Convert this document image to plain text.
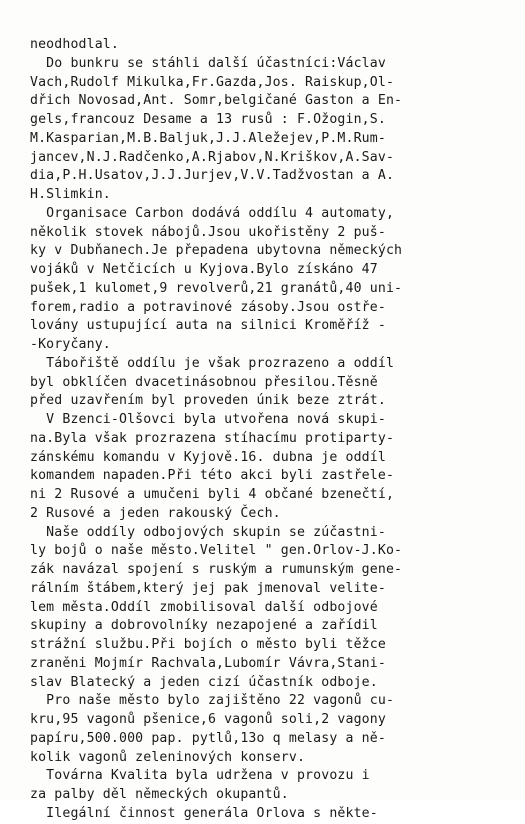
neodhodlal.
Do bunkru se stáhli další účastníci:Václav
Vach,Rudolf Mikulka,Fr.Gazda,Jos. Raiskup,Ol-
dřich Novosad,Ant. Somr,belgičané Gaston a En-
gels,francouz Desame a 13 rusů : F.Ožogin,S.
M.Kasparian,M.B.Baljuk,J.J.Aležejev,P.M.Rum-
jancev,N.J.Radčenko,A.Rjabov,N.Kriškov,A.Sav-
dia,P.H.Usatov,J.J.Jurjev,V.V.Tadžvostan a A.
H.Slimkin.
Organisace Carbon dodává oddílu 4 automaty,
několik stovek nábojů.Jsou ukořistěny 2 puš-
ky v Dubňanech.Je přepadena ubytovna německých
vojáků v Netčicích u Kyjova.Bylo získáno 47
pušek,1 kulomet,9 revolverů,21 granátů,40 uni-
forem,radio a potravinové zásoby.Jsou ostře-
lovány ustupující auta na silnici Kroměříž -
-Koryčany.
Tábořiště oddílu je však prozrazeno a oddíl
byl obklíčen dvacetinásobnou přesilou.Těsně
před uzavřením byl proveden únik beze ztrát.
V Bzenci-Olšovci byla utvořena nová skupi-
na.Byla však prozrazena stíhacímu protiparty-
zánskému komandu v Kyjově.16. dubna je oddíl
komandem napaden.Při této akci byli zastřele-
ni 2 Rusové a umučeni byli 4 občané bzenečtí,
2 Rusové a jeden rakouský Čech.
Naše oddíly odbojových skupin se zúčastni-
ly bojů o naše město.Velitel " gen.Orlov-J.Ko-
zák navázal spojení s ruským a rumunským gene-
rálním štábem,který jej pak jmenoval velite-
lem města.Oddíl zmobilisoval další odbojové
skupiny a dobrovolníky nezapojené a zařídil
strážní službu.Při bojích o město byli těžce
zraněni Mojmír Rachvala,Lubomír Vávra,Stani-
slav Blatecký a jeden cizí účastník odboje.
Pro naše město bylo zajištěno 22 vagonů cu-
kru,95 vagonů pšenice,6 vagonů soli,2 vagony
papíru,500.000 pap. pytlů,13o q melasy a ně-
kolik vagonů zeleninových konserv.
Továrna Kvalita byla udržena v provozu i
za palby děl německých okupantů.
Ilegální činnost generála Orlova s někte-
